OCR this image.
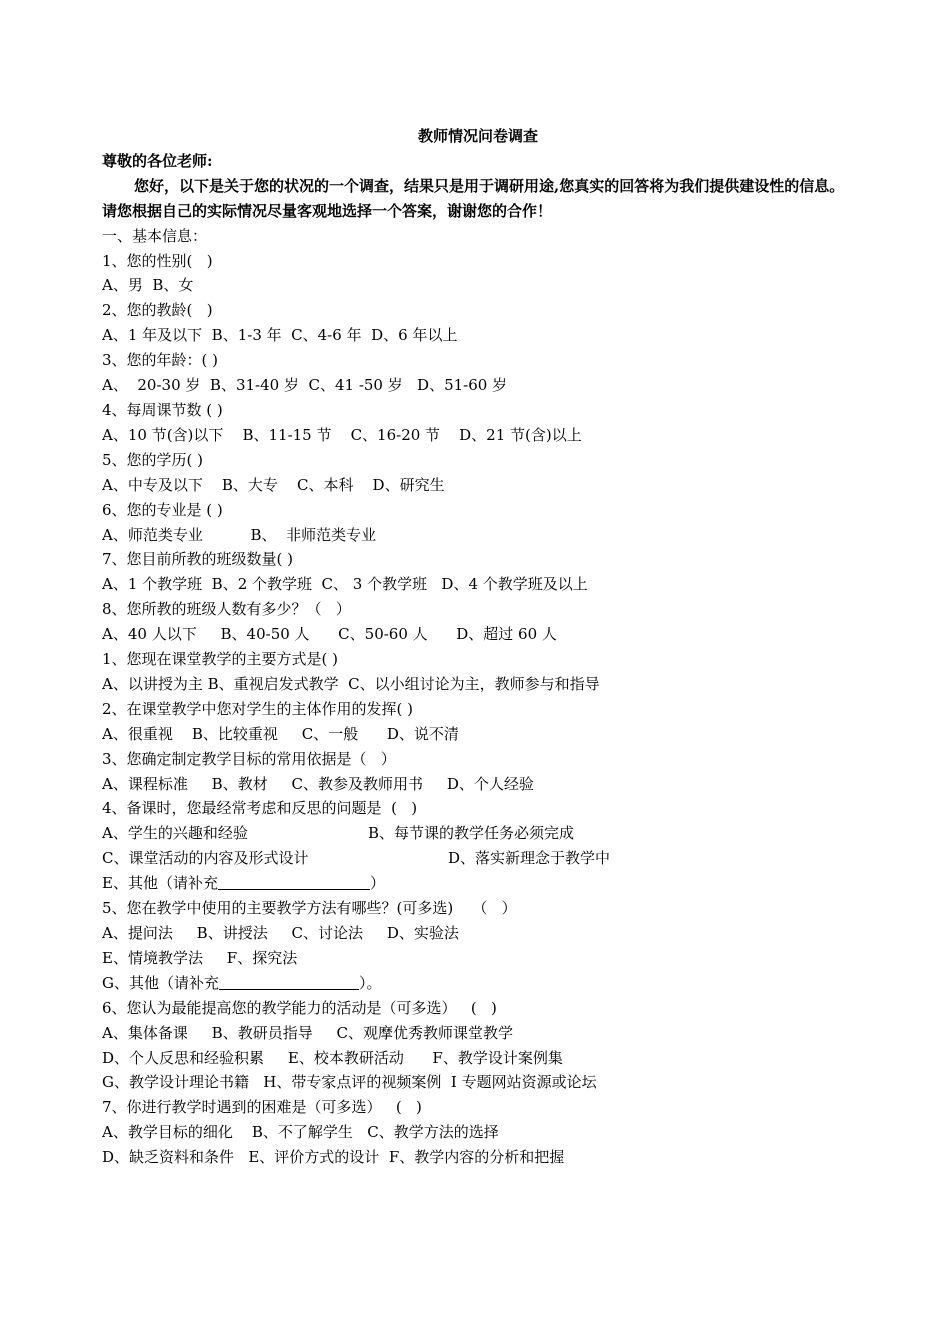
教师情况问卷调查
尊敬的各位老师:
您好，以下是关于您的状况的一个调查，结果只是用于调研用途,您真实的回答将为我们提供建设性的信息。请您根据自己的实际情况尽量客观地选择一个答案，谢谢您的合作！
一、基本信息：
1、您的性别(   )
A、男  B、女
2、您的教龄(   )
A、1 年及以下  B、1-3 年  C、4-6 年  D、6 年以上
3、您的年龄：( )
A、  20-30 岁  B、31-40 岁  C、41 -50 岁   D、51-60 岁
4、每周课节数 ( )
A、10 节(含)以下    B、11-15 节    C、16-20 节    D、21 节(含)以上
5、您的学历( )
A、中专及以下    B、大专    C、本科    D、研究生
6、您的专业是 ( )
A、师范类专业          B、  非师范类专业
7、您目前所教的班级数量( )
A、1 个教学班  B、2 个教学班  C、 3 个教学班   D、4 个教学班及以上
8、您所教的班级人数有多少？（   ）
A、40 人以下     B、40-50 人      C、50-60 人      D、超过 60 人
1、您现在课堂教学的主要方式是( )
A、以讲授为主 B、重视启发式教学  C、以小组讨论为主，教师参与和指导
2、在课堂教学中您对学生的主体作用的发挥( )
A、很重视    B、比较重视     C、一般      D、说不清
3、您确定制定教学目标的常用依据是（   ）
A、课程标准     B、教材     C、教参及教师用书     D、个人经验
4、备课时，您最经常考虑和反思的问题是  (   )
A、学生的兴趣和经验	B、每节课的教学任务必须完成
C、课堂活动的内容及形式设计	D、落实新理念于教学中
E、其他（请补充	）
5、您在教学中使用的主要教学方法有哪些？(可多选)    （   ）
A、提问法     B、讲授法     C、讨论法     D、实验法
E、情境教学法     F、探究法
G、其他（请补充	）。
6、您认为最能提高您的教学能力的活动是（可多选）   (   )
A、集体备课     B、教研员指导     C、观摩优秀教师课堂教学
D、个人反思和经验积累     E、校本教研活动      F、教学设计案例集
G、教学设计理论书籍   H、带专家点评的视频案例  I 专题网站资源或论坛
7、你进行教学时遇到的困难是（可多选）   (   )
A、教学目标的细化    B、不了解学生   C、教学方法的选择
D、缺乏资料和条件   E、评价方式的设计  F、教学内容的分析和把握
